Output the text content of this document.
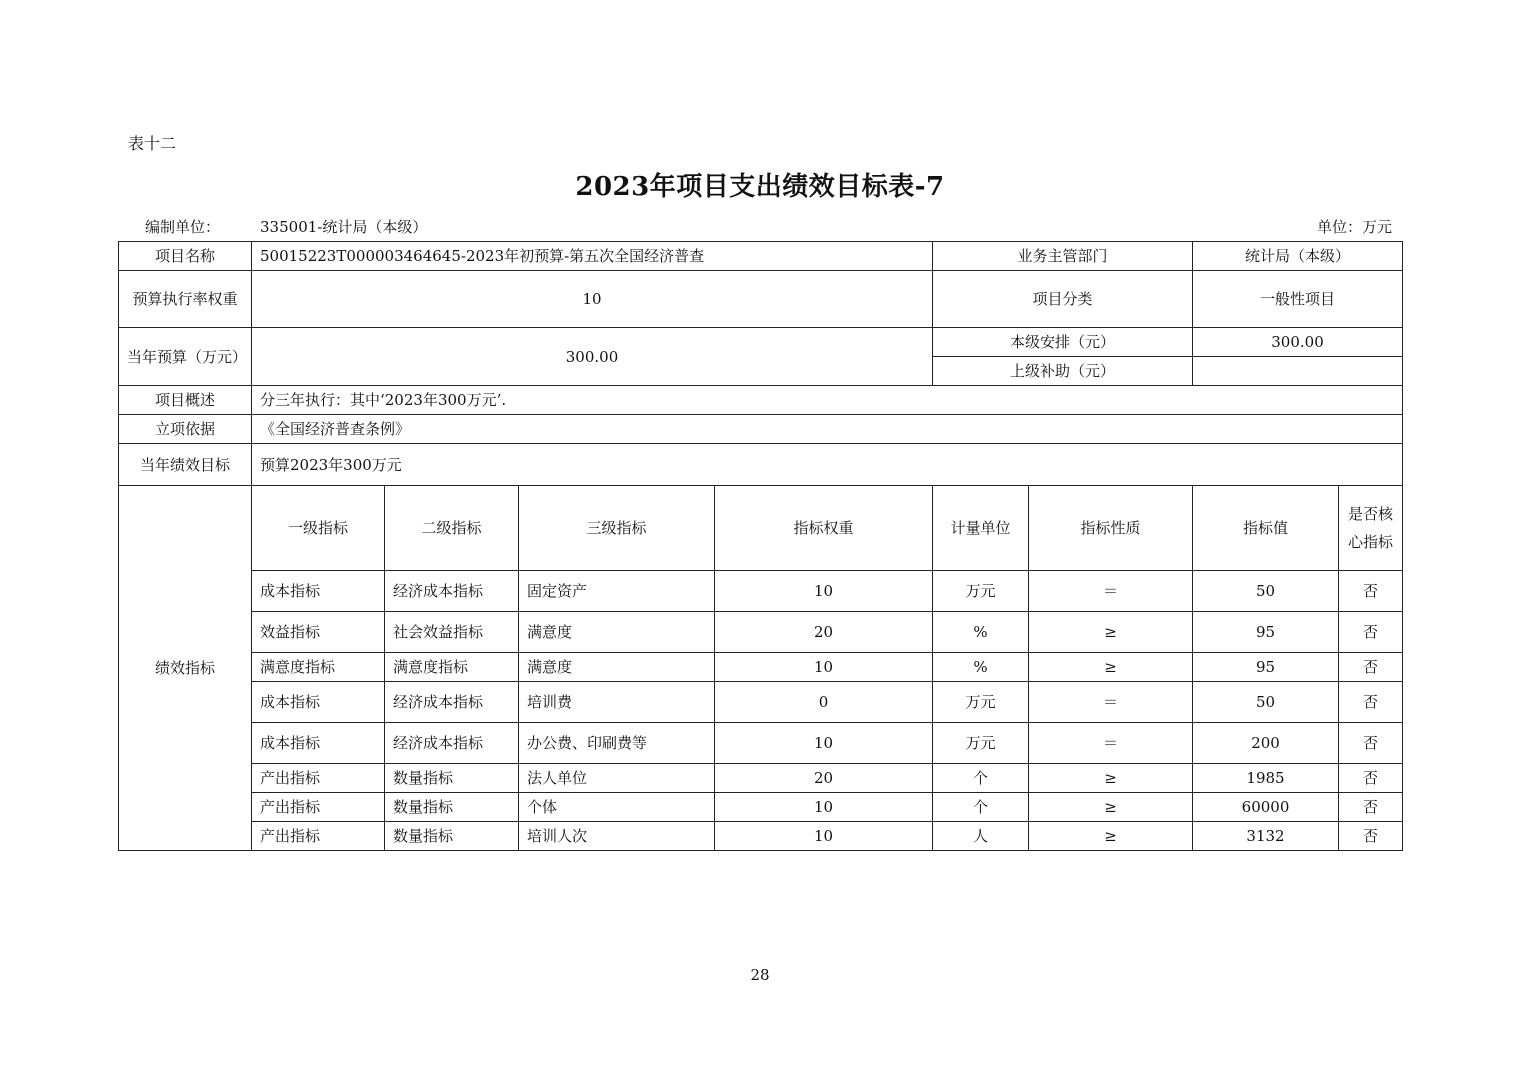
表十二
2023年项目支出绩效目标表-7
编制单位：	335001-统计局（本级）	单位：万元
项目名称	50015223T000003464645-2023年初预算-第五次全国经济普查				业务主管部门		统计局（本级）	
预算执行率权重	10				项目分类		一般性项目	
当年预算（万元）	300.00				本级安排（元）		300.00	
					上级补助（元）			
项目概述	分三年执行：其中‘2023年300万元’.							
立项依据	《全国经济普查条例》							
当年绩效目标	预算2023年300万元							
绩效指标	一级指标	二级指标	三级指标	指标权重	计量单位	指标性质	指标值	是否核心指标
	成本指标	经济成本指标	固定资产	10	万元	＝	50	否
	效益指标	社会效益指标	满意度	20	%	≥	95	否
	满意度指标	满意度指标	满意度	10	%	≥	95	否
	成本指标	经济成本指标	培训费	0	万元	＝	50	否
	成本指标	经济成本指标	办公费、印刷费等	10	万元	＝	200	否
	产出指标	数量指标	法人单位	20	个	≥	1985	否
	产出指标	数量指标	个体	10	个	≥	60000	否
	产出指标	数量指标	培训人次	10	人	≥	3132	否
28
